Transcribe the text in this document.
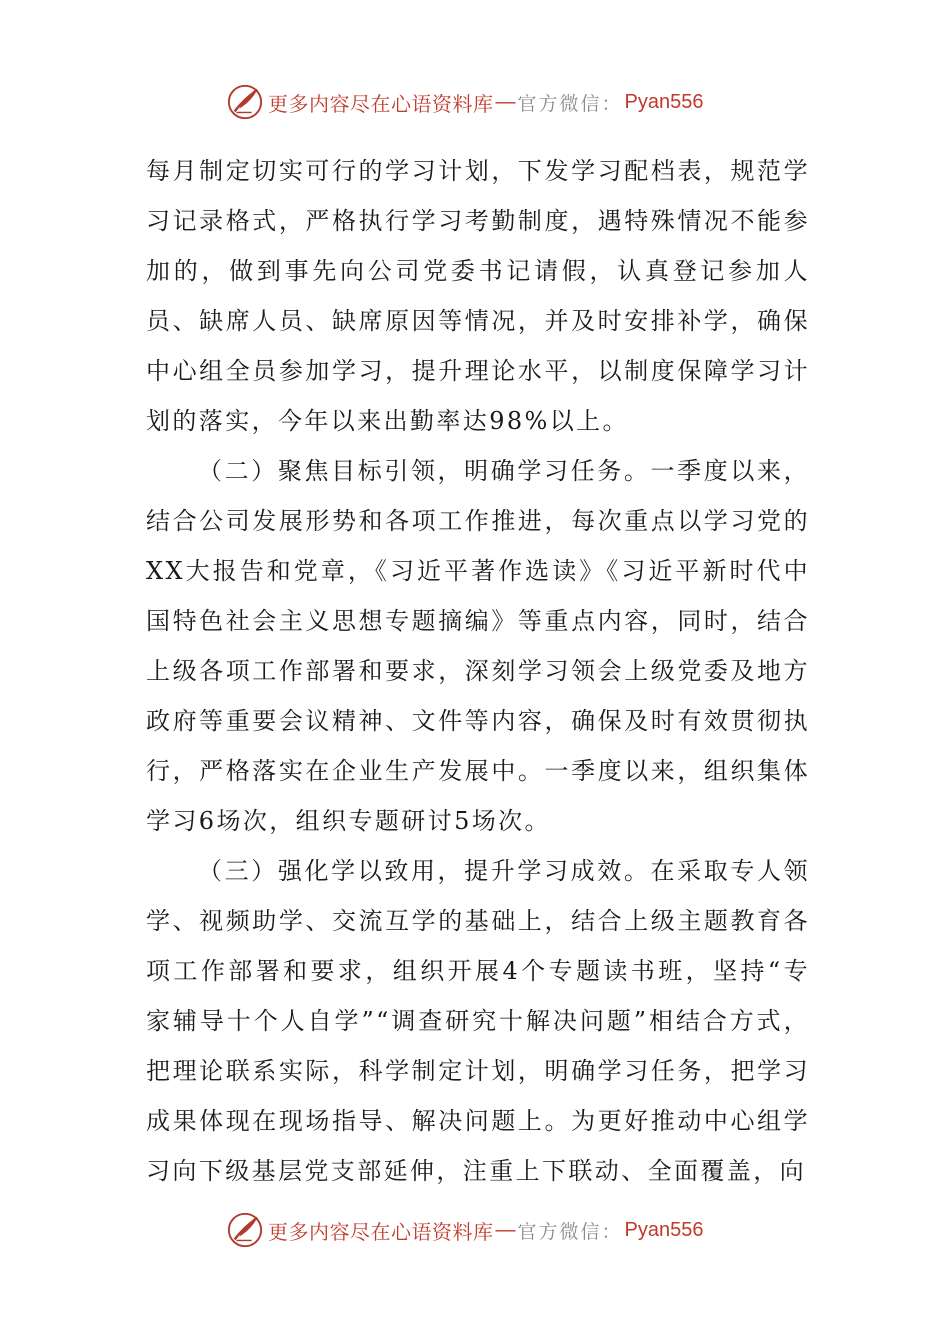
更多内容尽在心语资料库 — 官方微信： Pyan556

每月制定切实可行的学习计划，下发学习配档表，规范学习记录格式，严格执行学习考勤制度，遇特殊情况不能参加的，做到事先向公司党委书记请假，认真登记参加人员、缺席人员、缺席原因等情况，并及时安排补学，确保中心组全员参加学习，提升理论水平，以制度保障学习计划的落实，今年以来出勤率达98%以上。

（二）聚焦目标引领，明确学习任务。一季度以来，结合公司发展形势和各项工作推进，每次重点以学习党的XX大报告和党章，《习近平著作选读》《习近平新时代中国特色社会主义思想专题摘编》等重点内容，同时，结合上级各项工作部署和要求，深刻学习领会上级党委及地方政府等重要会议精神、文件等内容，确保及时有效贯彻执行，严格落实在企业生产发展中。一季度以来，组织集体学习6场次，组织专题研讨5场次。

（三）强化学以致用，提升学习成效。在采取专人领学、视频助学、交流互学的基础上，结合上级主题教育各项工作部署和要求，组织开展4个专题读书班，坚持“专家辅导十个人自学”“调查研究十解决问题”相结合方式，把理论联系实际，科学制定计划，明确学习任务，把学习成果体现在现场指导、解决问题上。为更好推动中心组学习向下级基层党支部延伸，注重上下联动、全面覆盖，向

更多内容尽在心语资料库 — 官方微信： Pyan556
